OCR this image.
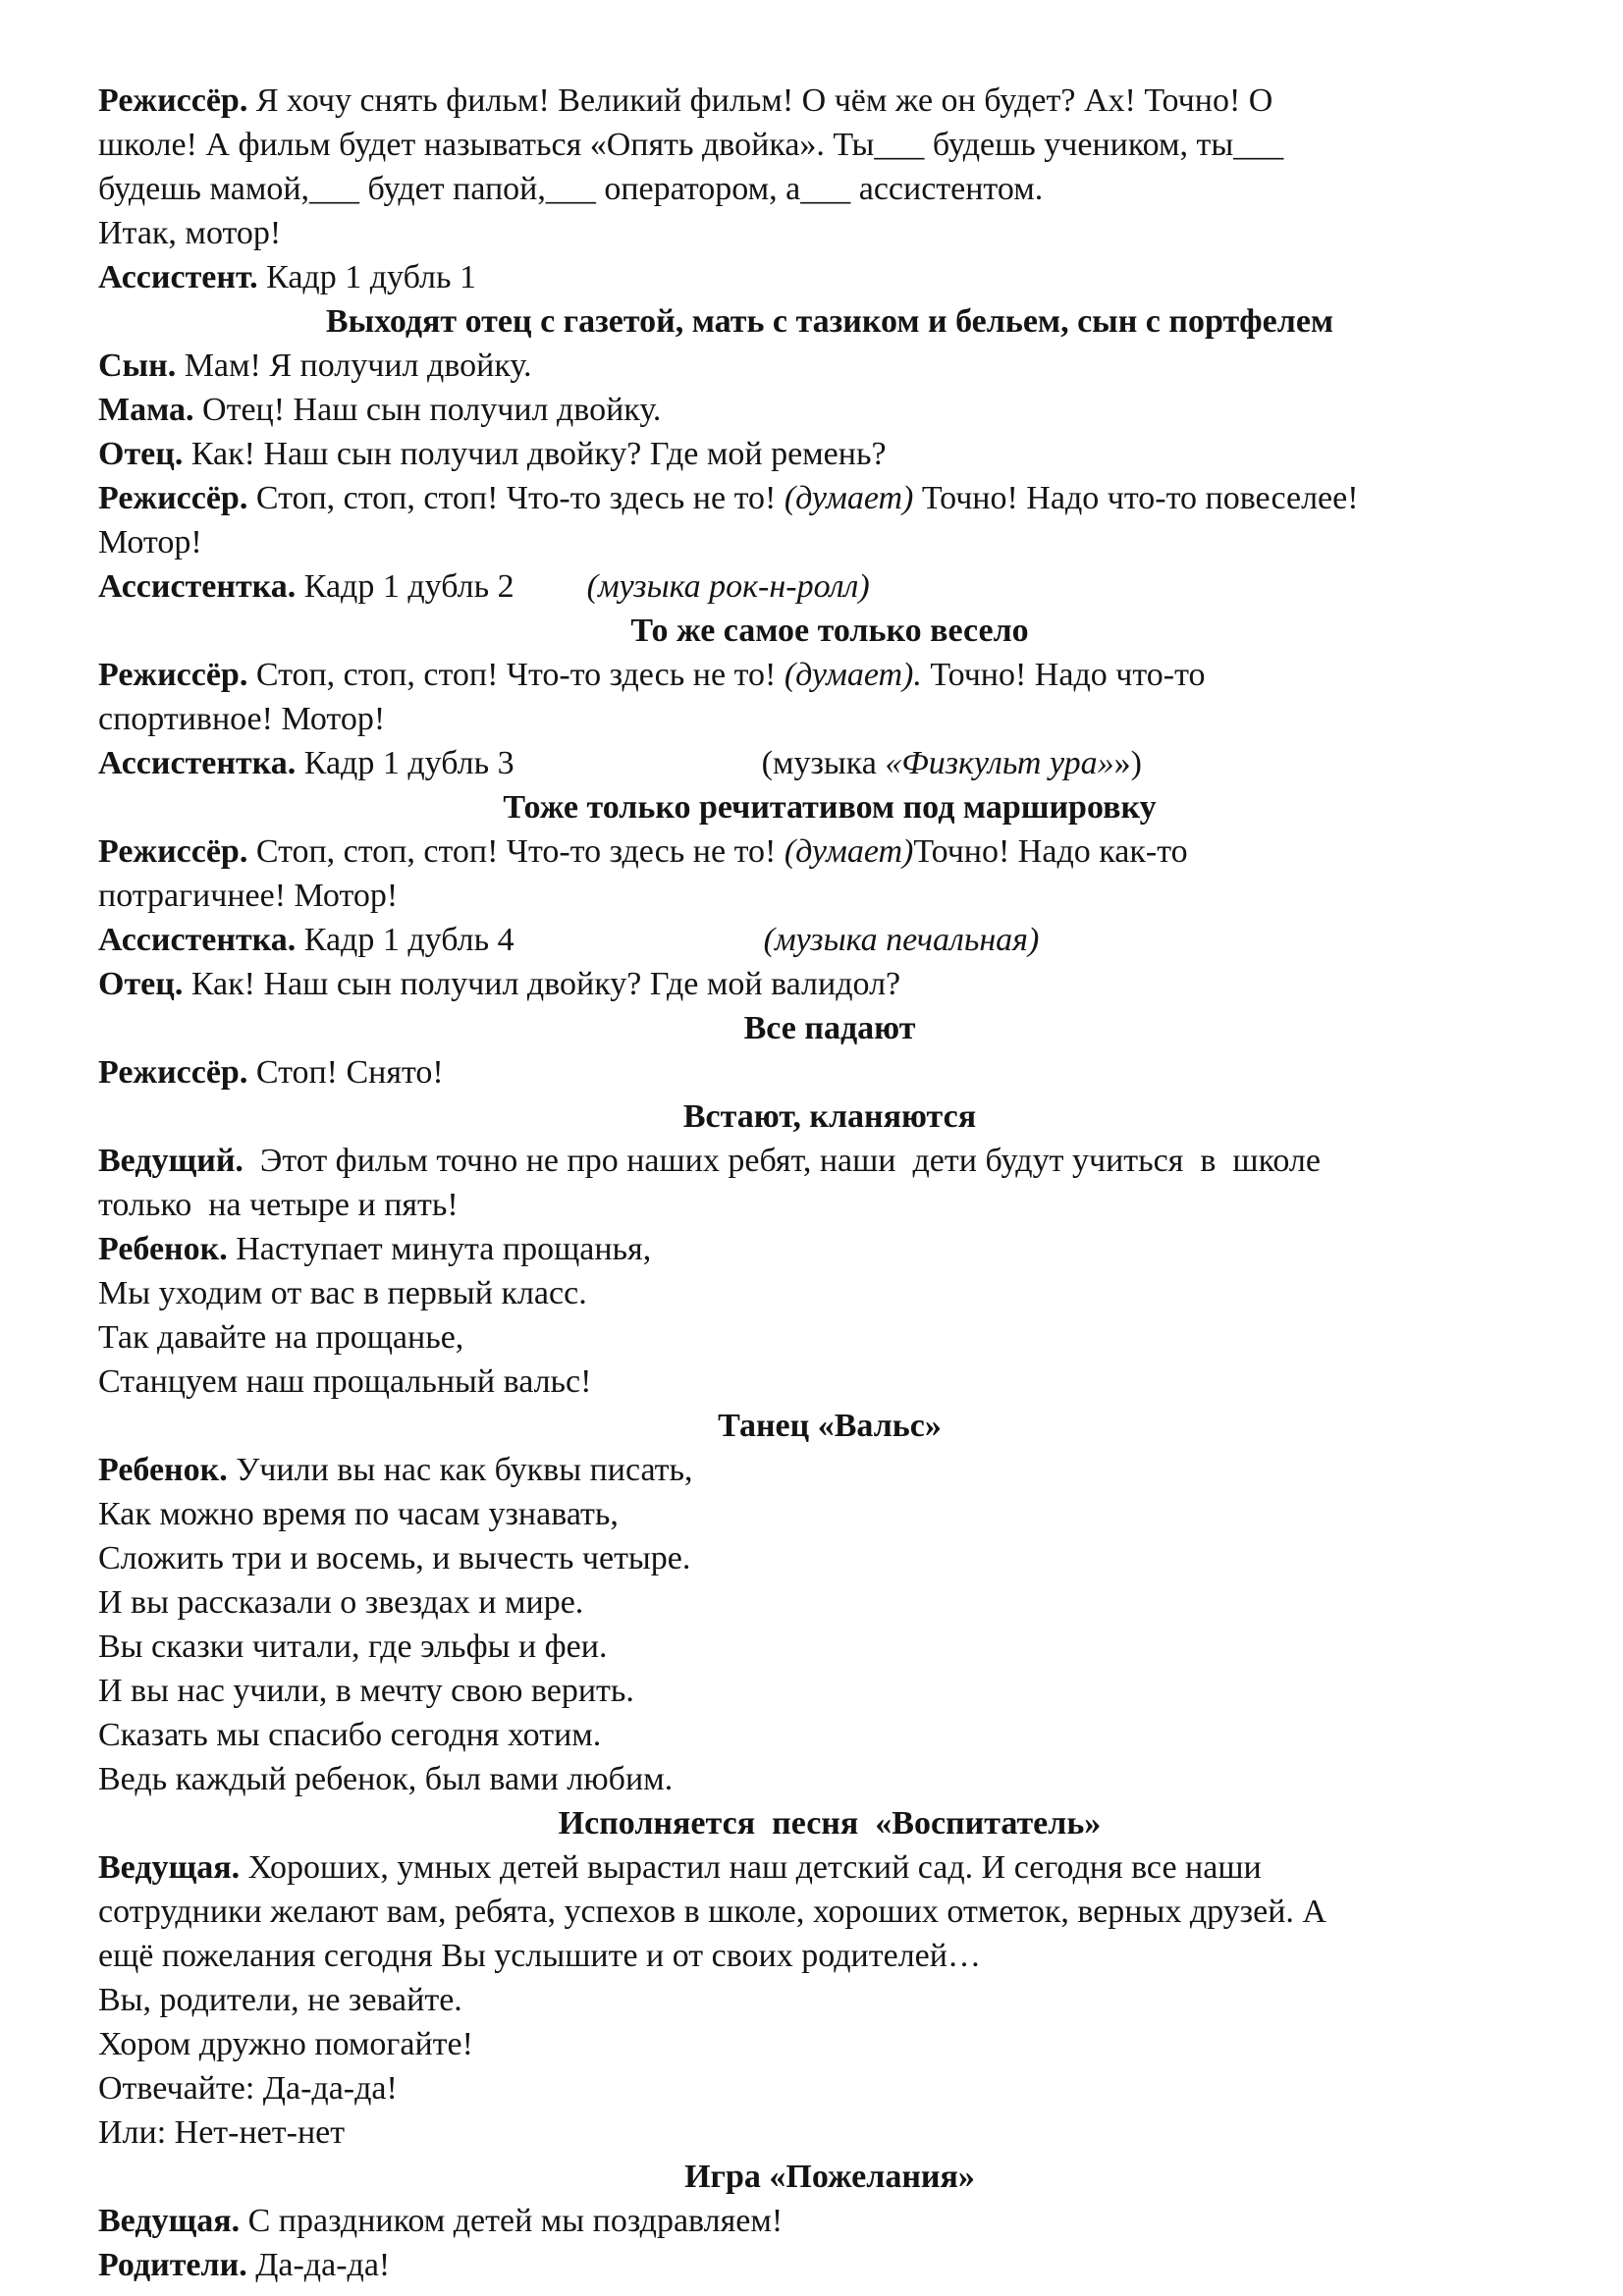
Режиссёр. Я хочу снять фильм! Великий фильм! О чём же он будет? Ах! Точно! О
школе! А фильм будет называться «Опять двойка». Ты___ будешь учеником, ты___
будешь мамой,___ будет папой,___ оператором, а___ ассистентом.
Итак, мотор!
Ассистент. Кадр 1 дубль 1
Выходят отец с газетой, мать с тазиком и бельем, сын с портфелем
Сын. Мам! Я получил двойку.
Мама. Отец! Наш сын получил двойку.
Отец. Как! Наш сын получил двойку? Где мой ремень?
Режиссёр. Стоп, стоп, стоп! Что-то здесь не то! (думает) Точно! Надо что-то повеселее!
Мотор!
Ассистентка. Кадр 1 дубль 2 (музыка рок-н-ролл)
То же самое только весело
Режиссёр. Стоп, стоп, стоп! Что-то здесь не то! (думает). Точно! Надо что-то
спортивное! Мотор!
Ассистентка. Кадр 1 дубль 3	(музыка «Физкульт ура»»)
Тоже только речитативом под маршировку
Режиссёр. Стоп, стоп, стоп! Что-то здесь не то! (думает)Точно! Надо как-то
потрагичнее! Мотор!
Ассистентка. Кадр 1 дубль 4	(музыка печальная)
Отец. Как! Наш сын получил двойку? Где мой валидол?
Все падают
Режиссёр. Стоп! Снято!
Встают, кланяются
Ведущий.  Этот фильм точно не про наших ребят, наши  дети будут учиться  в  школе
только  на четыре и пять!
Ребенок. Наступает минута прощанья,
Мы уходим от вас в первый класс.
Так давайте на прощанье,
Станцуем наш прощальный вальс!
Танец «Вальс»
Ребенок. Учили вы нас как буквы писать,
Как можно время по часам узнавать,
Сложить три и восемь, и вычесть четыре.
И вы рассказали о звездах и мире.
Вы сказки читали, где эльфы и феи.
И вы нас учили, в мечту свою верить.
Сказать мы спасибо сегодня хотим.
Ведь каждый ребенок, был вами любим.
Исполняется  песня  «Воспитатель»
Ведущая. Хороших, умных детей вырастил наш детский сад. И сегодня все наши
сотрудники желают вам, ребята, успехов в школе, хороших отметок, верных друзей. А
ещё пожелания сегодня Вы услышите и от своих родителей…
Вы, родители, не зевайте.
Хором дружно помогайте!
Отвечайте: Да-да-да!
Или: Нет-нет-нет
Игра «Пожелания»
Ведущая. С праздником детей мы поздравляем!
Родители. Да-да-да!
